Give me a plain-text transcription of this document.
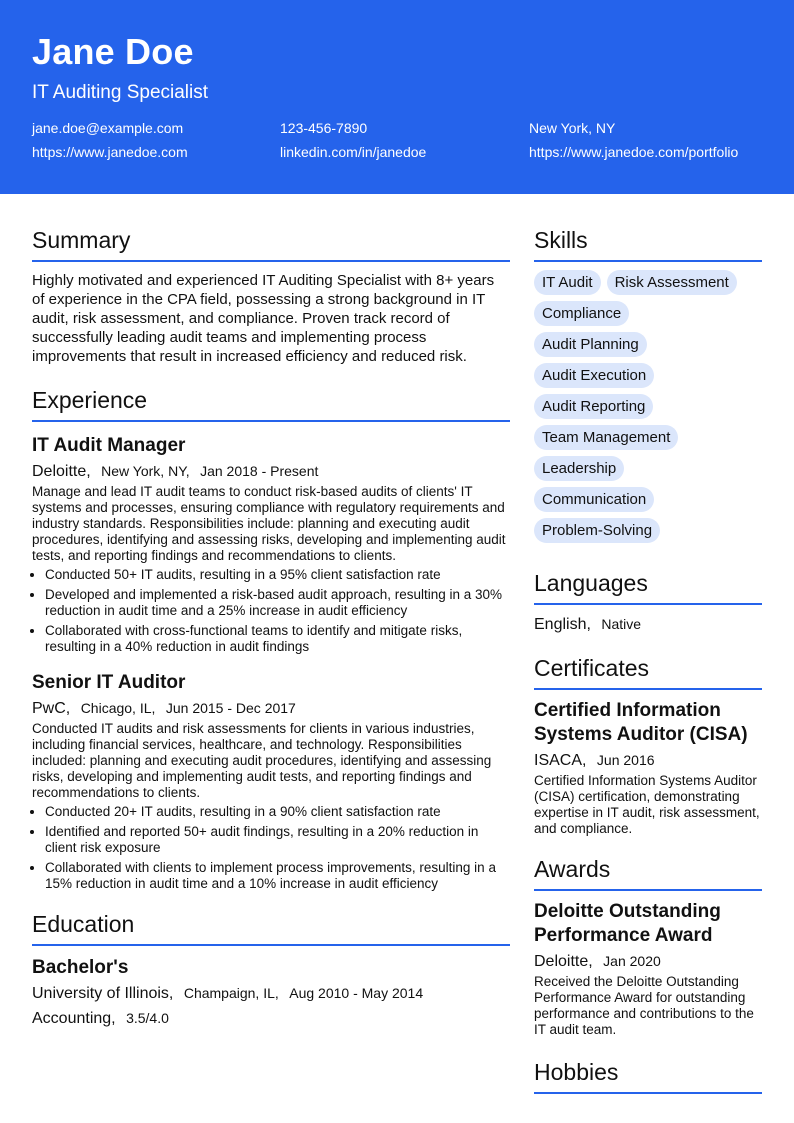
Jane Doe
IT Auditing Specialist
jane.doe@example.com	123-456-7890	New York, NY
https://www.janedoe.com	linkedin.com/in/janedoe	https://www.janedoe.com/portfolio
Summary
Highly motivated and experienced IT Auditing Specialist with 8+ years of experience in the CPA field, possessing a strong background in IT audit, risk assessment, and compliance. Proven track record of successfully leading audit teams and implementing process improvements that result in increased efficiency and reduced risk.
Experience
IT Audit Manager
Deloitte, New York, NY, Jan 2018 - Present
Manage and lead IT audit teams to conduct risk-based audits of clients' IT systems and processes, ensuring compliance with regulatory requirements and industry standards. Responsibilities include: planning and executing audit procedures, identifying and assessing risks, developing and implementing audit tests, and reporting findings and recommendations to clients.
• Conducted 50+ IT audits, resulting in a 95% client satisfaction rate
• Developed and implemented a risk-based audit approach, resulting in a 30% reduction in audit time and a 25% increase in audit efficiency
• Collaborated with cross-functional teams to identify and mitigate risks, resulting in a 40% reduction in audit findings
Senior IT Auditor
PwC, Chicago, IL, Jun 2015 - Dec 2017
Conducted IT audits and risk assessments for clients in various industries, including financial services, healthcare, and technology. Responsibilities included: planning and executing audit procedures, identifying and assessing risks, developing and implementing audit tests, and reporting findings and recommendations to clients.
• Conducted 20+ IT audits, resulting in a 90% client satisfaction rate
• Identified and reported 50+ audit findings, resulting in a 20% reduction in client risk exposure
• Collaborated with clients to implement process improvements, resulting in a 15% reduction in audit time and a 10% increase in audit efficiency
Education
Bachelor's
University of Illinois, Champaign, IL, Aug 2010 - May 2014
Accounting, 3.5/4.0
Skills
IT Audit	Risk Assessment
Compliance
Audit Planning
Audit Execution
Audit Reporting
Team Management
Leadership
Communication
Problem-Solving
Languages
English, Native
Certificates
Certified Information Systems Auditor (CISA)
ISACA, Jun 2016
Certified Information Systems Auditor (CISA) certification, demonstrating expertise in IT audit, risk assessment, and compliance.
Awards
Deloitte Outstanding Performance Award
Deloitte, Jan 2020
Received the Deloitte Outstanding Performance Award for outstanding performance and contributions to the IT audit team.
Hobbies
